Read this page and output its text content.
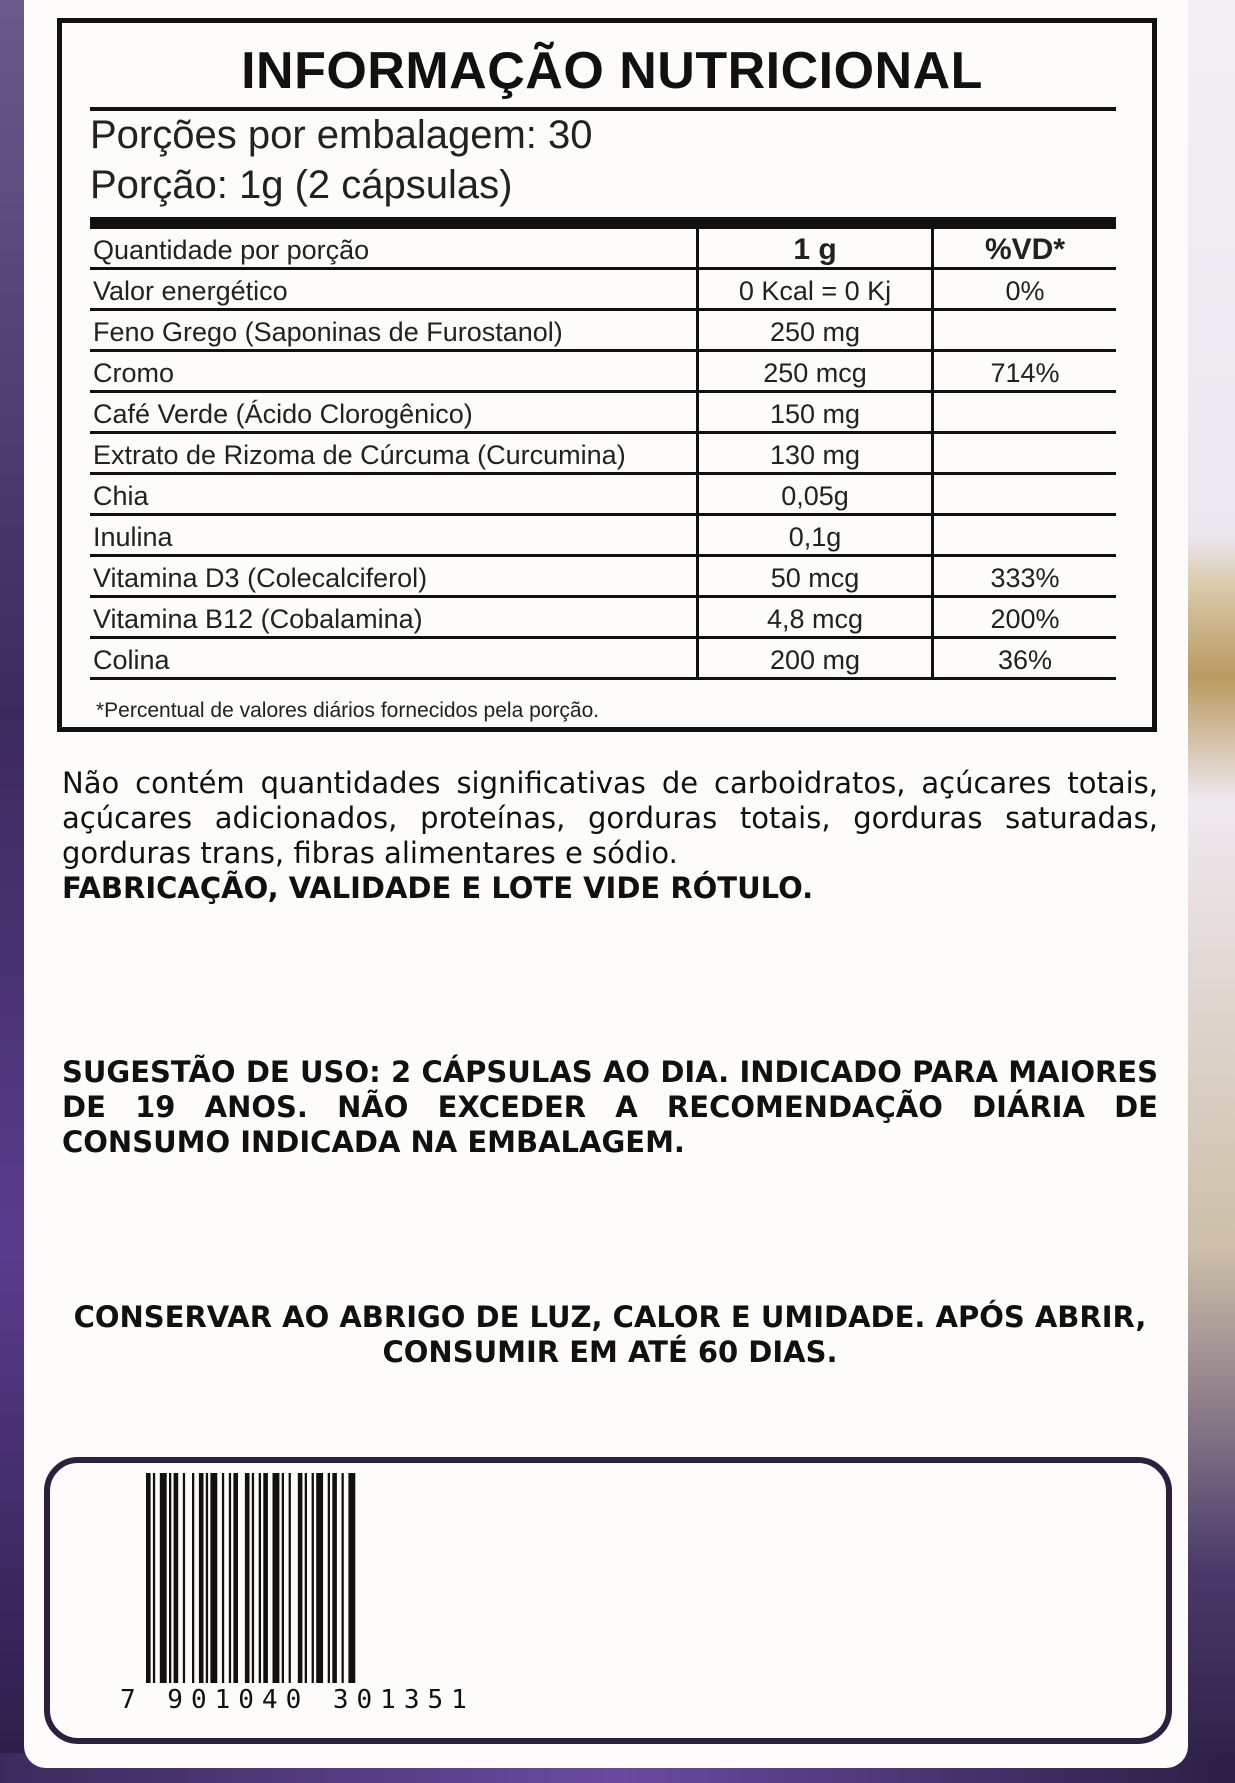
INFORMAÇÃO NUTRICIONAL
Porções por embalagem: 30
Porção: 1g (2 cápsulas)
Quantidade por porção	1 g	%VD*
Valor energético	0 Kcal = 0 Kj	0%
Feno Grego (Saponinas de Furostanol)	250 mg	
Cromo	250 mcg	714%
Café Verde (Ácido Clorogênico)	150 mg	
Extrato de Rizoma de Cúrcuma (Curcumina)	130 mg	
Chia	0,05g	
Inulina	0,1g	
Vitamina D3 (Colecalciferol)	50 mcg	333%
Vitamina B12 (Cobalamina)	4,8 mcg	200%
Colina	200 mg	36%
*Percentual de valores diários fornecidos pela porção.
Não contém quantidades significativas de carboidratos, açúcares totais, açúcares adicionados, proteínas, gorduras totais, gorduras saturadas, gorduras trans, fibras alimentares e sódio.
FABRICAÇÃO, VALIDADE E LOTE VIDE RÓTULO.
SUGESTÃO DE USO: 2 CÁPSULAS AO DIA. INDICADO PARA MAIORES DE 19 ANOS. NÃO EXCEDER A RECOMENDAÇÃO DIÁRIA DE CONSUMO INDICADA NA EMBALAGEM.
CONSERVAR AO ABRIGO DE LUZ, CALOR E UMIDADE. APÓS ABRIR, CONSUMIR EM ATÉ 60 DIAS.
7 901040 301351
